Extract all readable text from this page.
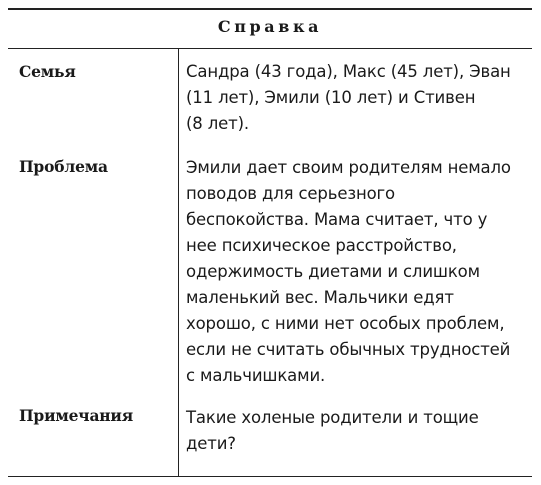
Справка
Семья	Сандра (43 года), Макс (45 лет), Эван
(11 лет), Эмили (10 лет) и Стивен
(8 лет).
Проблема	Эмили дает своим родителям немало
поводов для серьезного
беспокойства. Мама считает, что у
нее психическое расстройство,
одержимость диетами и слишком
маленький вес. Мальчики едят
хорошо, с ними нет особых проблем,
если не считать обычных трудностей
с мальчишками.
Примечания	Такие холеные родители и тощие
дети?
